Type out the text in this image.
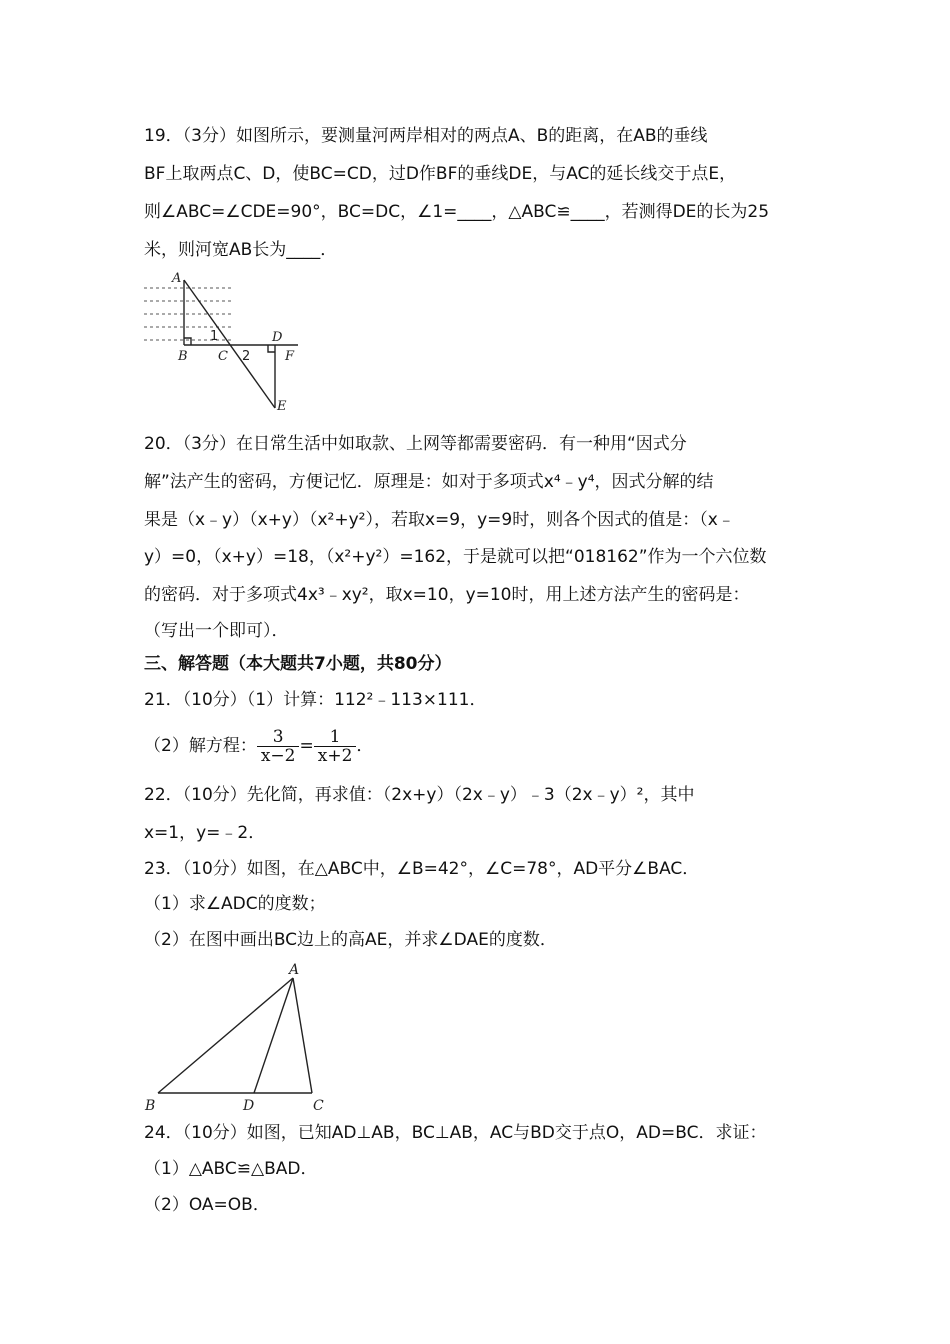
19．（3分）如图所示，要测量河两岸相对的两点A、B的距离，在AB的垂线
BF上取两点C、D，使BC=CD，过D作BF的垂线DE，与AC的延长线交于点E，
则∠ABC=∠CDE=90°，BC=DC，∠1=____，△ABC≌____，若测得DE的长为25
米，则河宽AB长为____．
A
B C
D
F
E
1
2
20．（3分）在日常生活中如取款、上网等都需要密码．有一种用“因式分
解”法产生的密码，方便记忆．原理是：如对于多项式x⁴﹣y⁴，因式分解的结
果是（x﹣y）（x+y）（x²+y²），若取x=9，y=9时，则各个因式的值是：（x﹣
y）=0，（x+y）=18，（x²+y²）=162，于是就可以把“018162”作为一个六位数
的密码．对于多项式4x³﹣xy²，取x=10，y=10时，用上述方法产生的密码是：
（写出一个即可）．
三、解答题（本大题共7小题，共80分）
21．（10分）（1）计算：112²﹣113×111．
（2）解方程： $\frac{3}{x-2} = \frac{1}{x+2}$ ．
22．（10分）先化简，再求值：（2x+y）（2x﹣y）﹣3（2x﹣y）²，其中
x=1，y=﹣2．
23．（10分）如图，在△ABC中，∠B=42°，∠C=78°，AD平分∠BAC．
（1）求∠ADC的度数；
（2）在图中画出BC边上的高AE，并求∠DAE的度数．
A
B	D	C
24．（10分）如图，已知AD⊥AB，BC⊥AB，AC与BD交于点O，AD=BC．求证：
（1）△ABC≌△BAD．
（2）OA=OB．
